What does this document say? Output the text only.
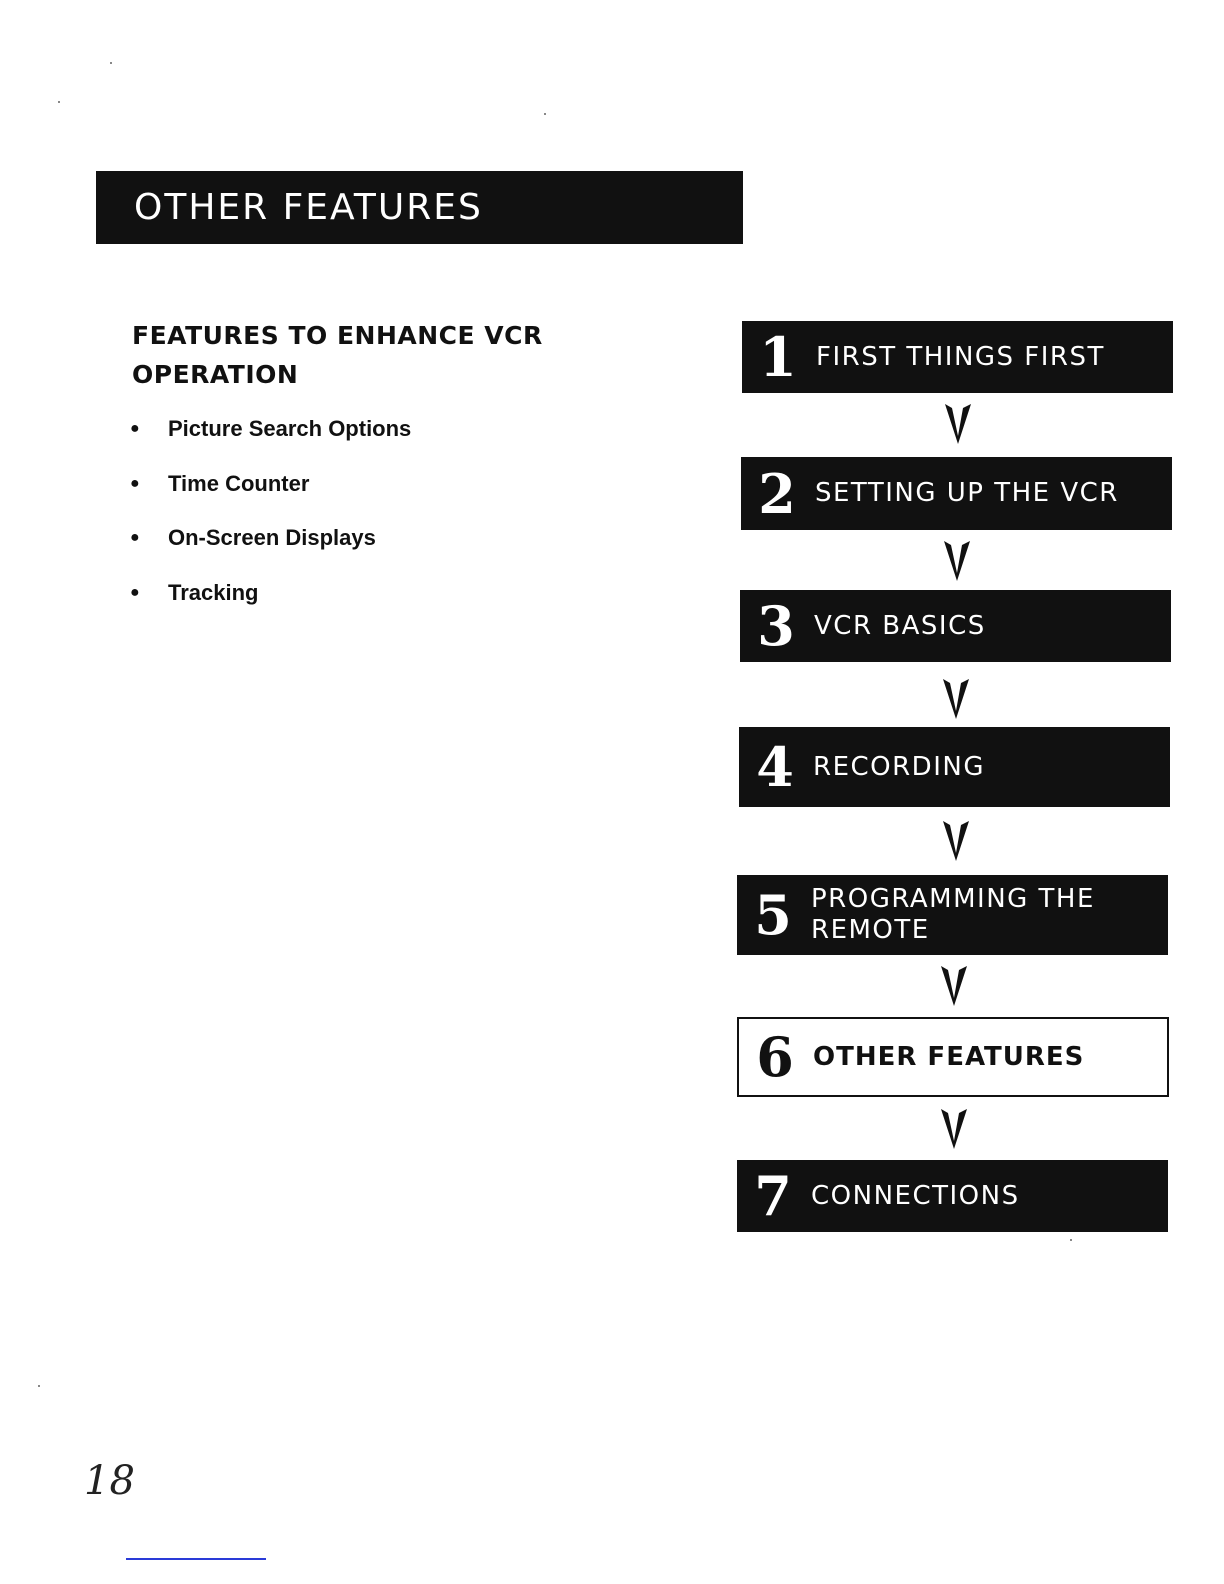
OTHER FEATURES
FEATURES TO ENHANCE VCR
OPERATION
●	Picture Search Options
●	Time Counter
●	On-Screen Displays
●	Tracking
1 FIRST THINGS FIRST
2 SETTING UP THE VCR
3 VCR BASICS
4 RECORDING
5 PROGRAMMING THE
REMOTE
6 OTHER FEATURES
7 CONNECTIONS
18
